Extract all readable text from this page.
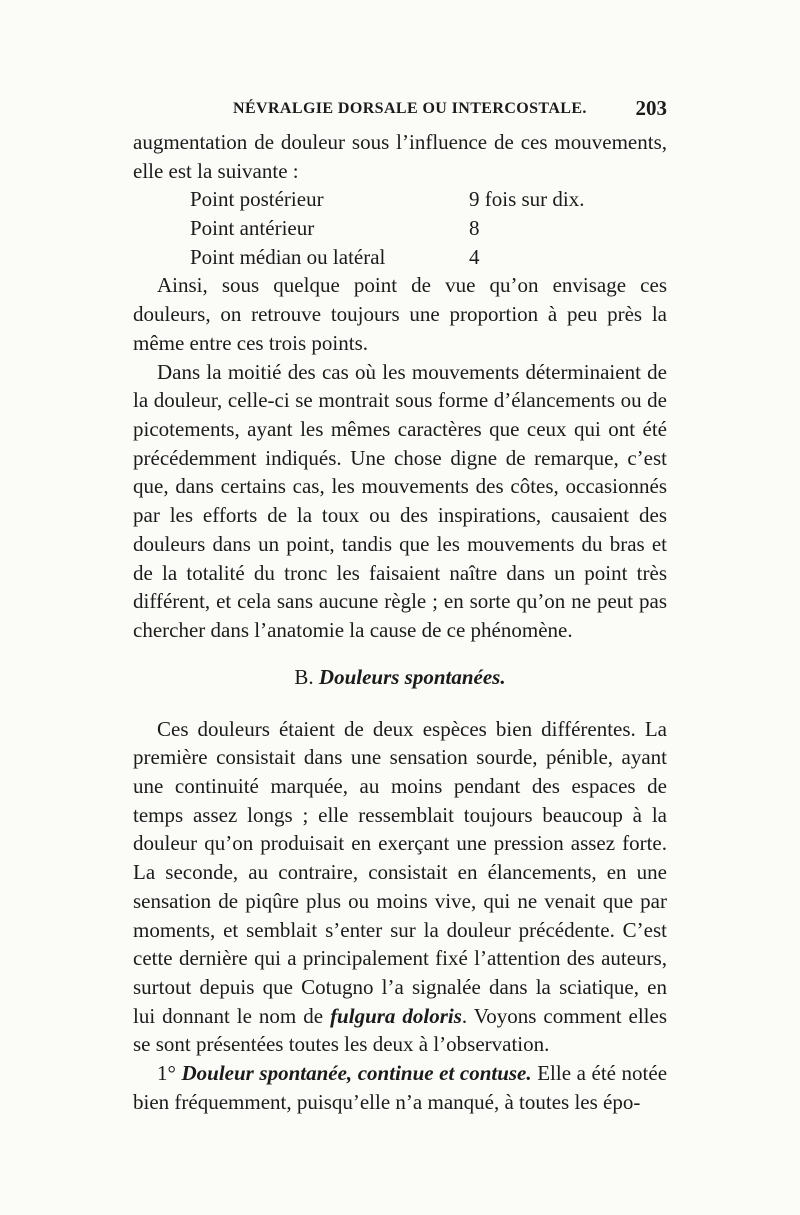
NÉVRALGIE DORSALE OU INTERCOSTALE. 203

augmentation de douleur sous l’influence de ces mouvements,

elle est la suivante :

Point postérieur	9 fois sur dix.
Point antérieur	8
Point médian ou latéral	4

Ainsi, sous quelque point de vue qu’on envisage ces douleurs, on retrouve toujours une proportion à peu près la même entre ces trois points.

Dans la moitié des cas où les mouvements déterminaient de la douleur, celle-ci se montrait sous forme d’élancements ou de picotements, ayant les mêmes caractères que ceux qui ont été précédemment indiqués. Une chose digne de remarque, c’est que, dans certains cas, les mouvements des côtes, occasionnés par les efforts de la toux ou des inspirations, causaient des douleurs dans un point, tandis que les mouvements du bras et de la totalité du tronc les faisaient naître dans un point très différent, et cela sans aucune règle ; en sorte qu’on ne peut pas chercher dans l’anatomie la cause de ce phénomène.

B. Douleurs spontanées.

Ces douleurs étaient de deux espèces bien différentes. La première consistait dans une sensation sourde, pénible, ayant une continuité marquée, au moins pendant des espaces de temps assez longs ; elle ressemblait toujours beaucoup à la douleur qu’on produisait en exerçant une pression assez forte. La seconde, au contraire, consistait en élancements, en une sensation de piqûre plus ou moins vive, qui ne venait que par moments, et semblait s’enter sur la douleur précédente. C’est cette dernière qui a principalement fixé l’attention des auteurs, surtout depuis que Cotugno l’a signalée dans la sciatique, en lui donnant le nom de fulgura doloris. Voyons comment elles se sont présentées toutes les deux à l’observation.

1° Douleur spontanée, continue et contuse. Elle a été notée bien fréquemment, puisqu’elle n’a manqué, à toutes les épo-
